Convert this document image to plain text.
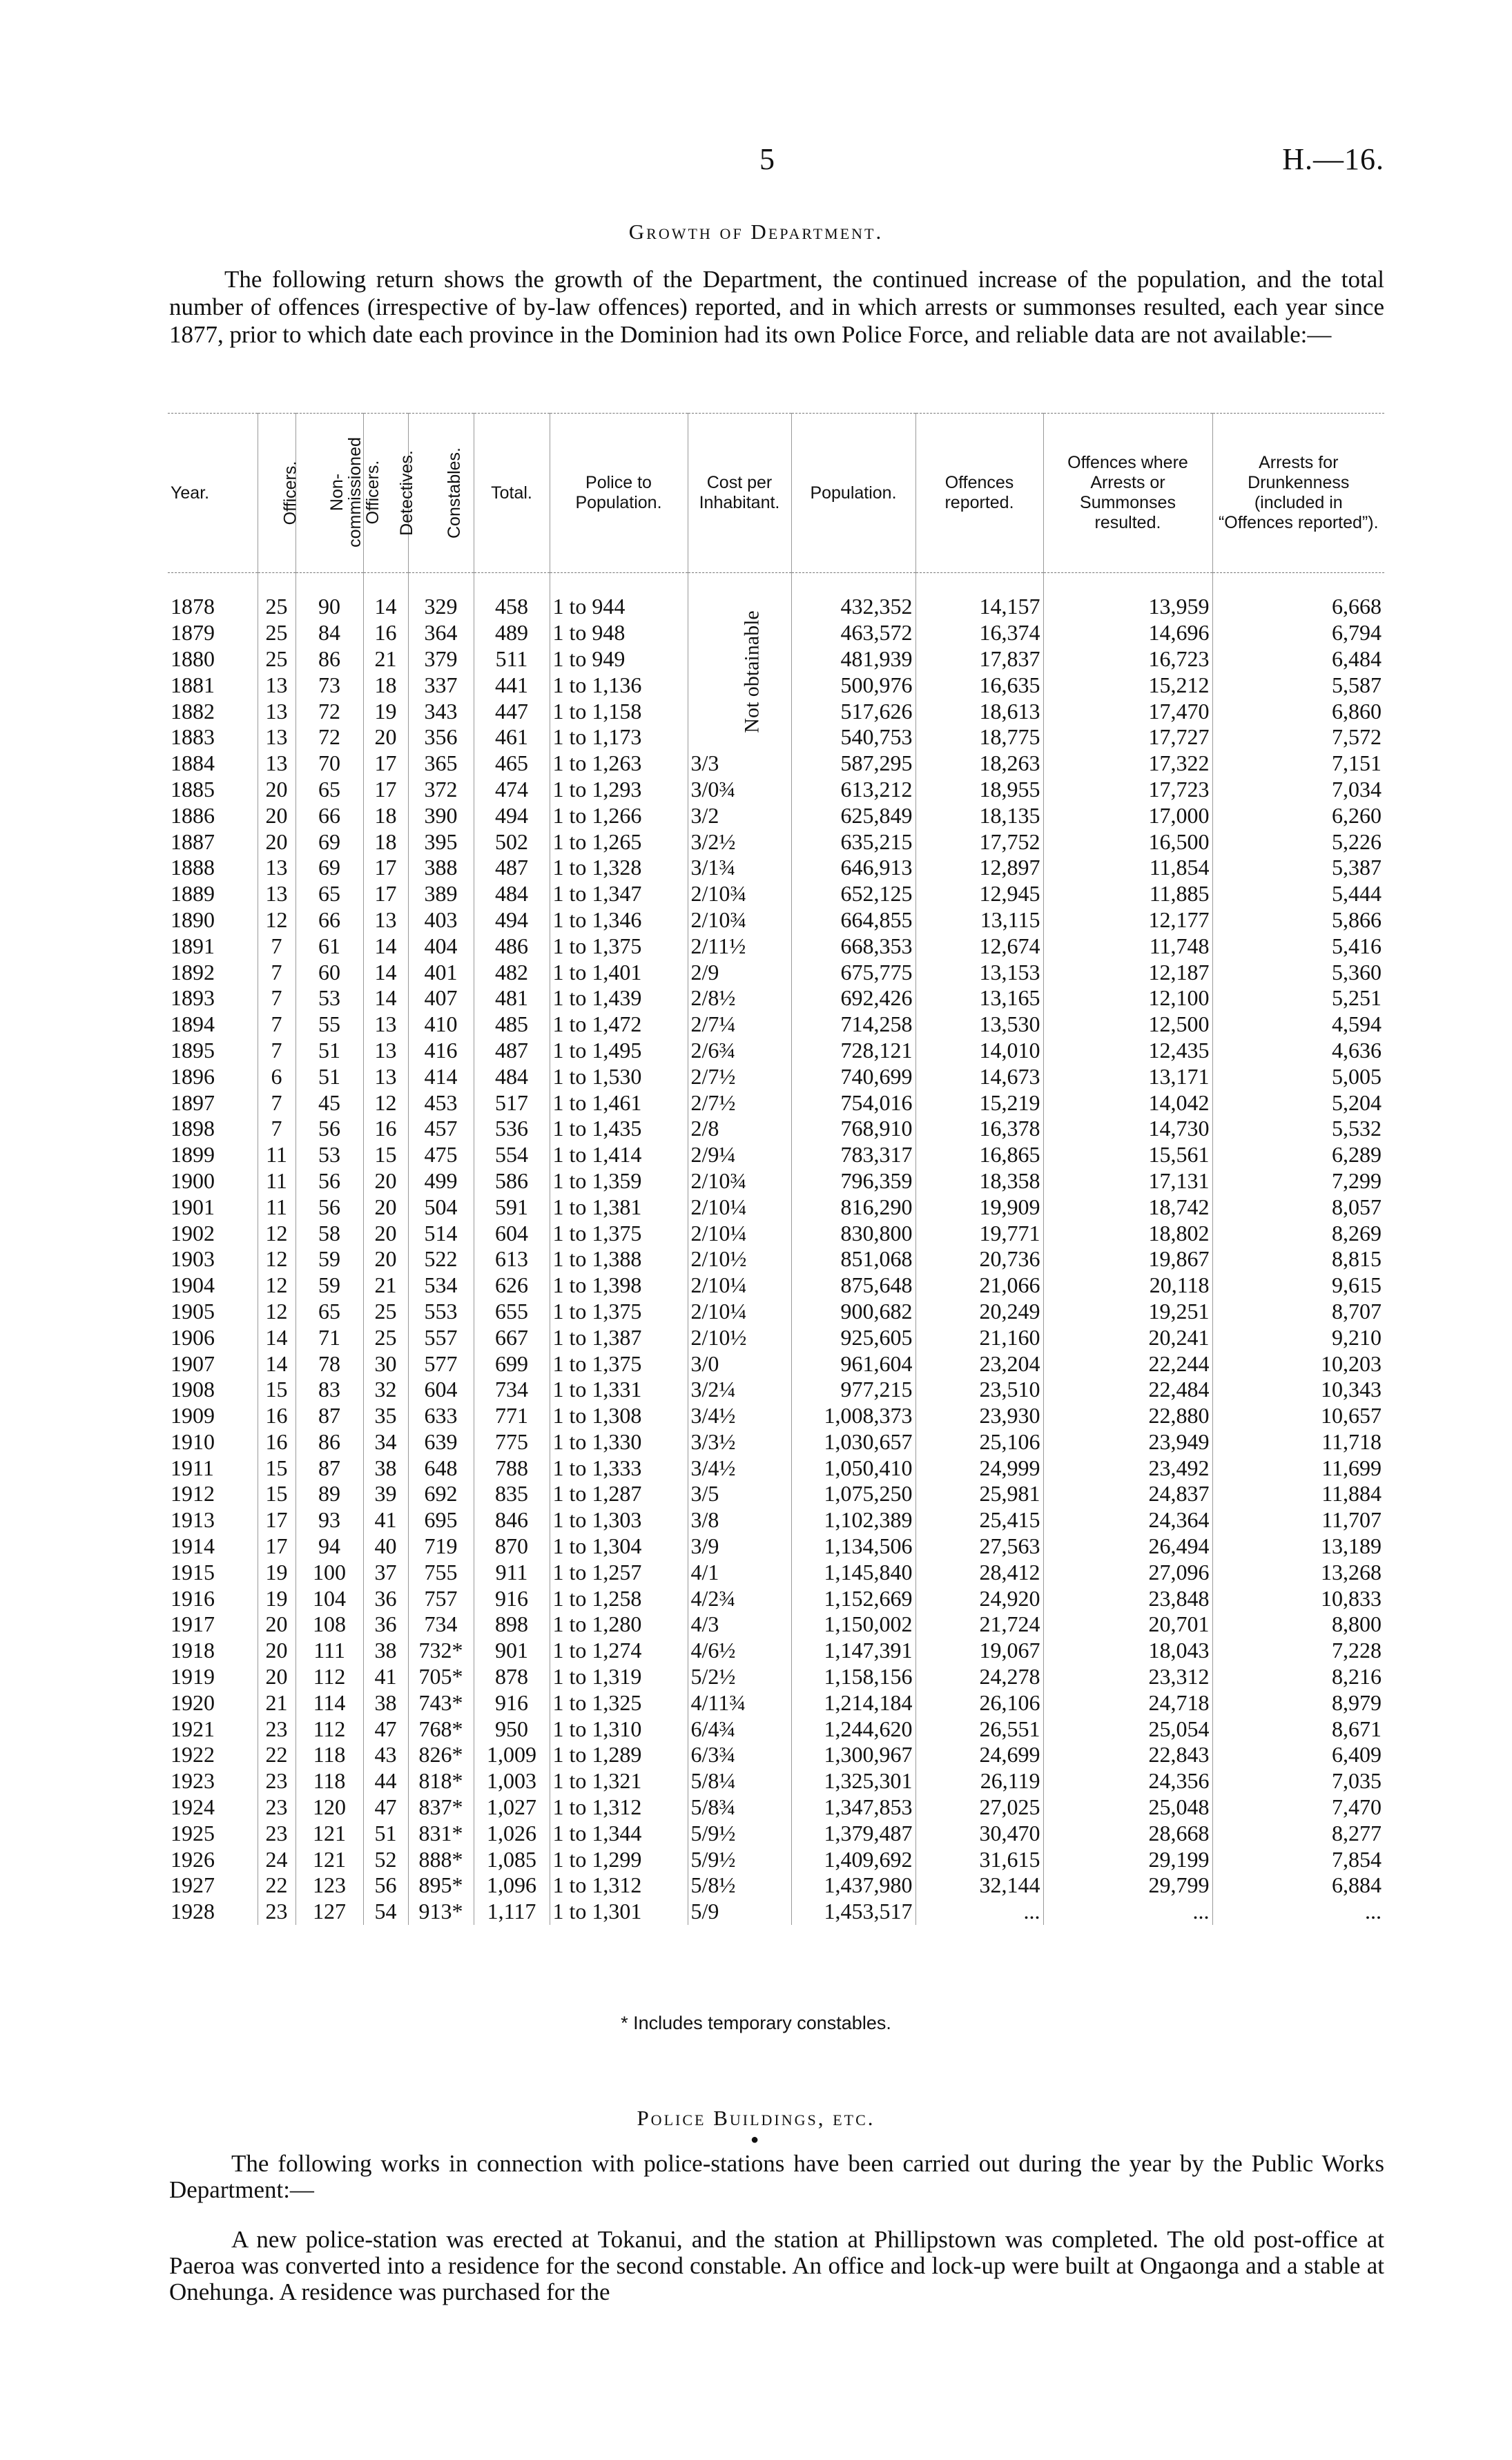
5	H.—16.
Growth of Department.

The following return shows the growth of the Department, the continued increase of the population, and the total number of offences (irrespective of by-law offences) reported, and in which arrests or summonses resulted, each year since 1877, prior to which date each province in the Dominion had its own Police Force, and reliable data are not available:—

Year.	Officers.	Non-commissioned Officers.	Detectives.	Constables.	Total.	Police to Population.	Cost per Inhabitant.	Population.	Offences reported.	Offences where Arrests or Summonses resulted.	Arrests for Drunkenness (included in “Offences reported”).
1878	25	90	14	329	458	1 to 944	Not obtainable	432,352	14,157	13,959	6,668
1879	25	84	16	364	489	1 to 948		463,572	16,374	14,696	6,794
1880	25	86	21	379	511	1 to 949		481,939	17,837	16,723	6,484
1881	13	73	18	337	441	1 to 1,136		500,976	16,635	15,212	5,587
1882	13	72	19	343	447	1 to 1,158		517,626	18,613	17,470	6,860
1883	13	72	20	356	461	1 to 1,173		540,753	18,775	17,727	7,572
1884	13	70	17	365	465	1 to 1,263	3/3	587,295	18,263	17,322	7,151
1885	20	65	17	372	474	1 to 1,293	3/0¾	613,212	18,955	17,723	7,034
1886	20	66	18	390	494	1 to 1,266	3/2	625,849	18,135	17,000	6,260
1887	20	69	18	395	502	1 to 1,265	3/2½	635,215	17,752	16,500	5,226
1888	13	69	17	388	487	1 to 1,328	3/1¾	646,913	12,897	11,854	5,387
1889	13	65	17	389	484	1 to 1,347	2/10¾	652,125	12,945	11,885	5,444
1890	12	66	13	403	494	1 to 1,346	2/10¾	664,855	13,115	12,177	5,866
1891	7	61	14	404	486	1 to 1,375	2/11½	668,353	12,674	11,748	5,416
1892	7	60	14	401	482	1 to 1,401	2/9	675,775	13,153	12,187	5,360
1893	7	53	14	407	481	1 to 1,439	2/8½	692,426	13,165	12,100	5,251
1894	7	55	13	410	485	1 to 1,472	2/7¼	714,258	13,530	12,500	4,594
1895	7	51	13	416	487	1 to 1,495	2/6¾	728,121	14,010	12,435	4,636
1896	6	51	13	414	484	1 to 1,530	2/7½	740,699	14,673	13,171	5,005
1897	7	45	12	453	517	1 to 1,461	2/7½	754,016	15,219	14,042	5,204
1898	7	56	16	457	536	1 to 1,435	2/8	768,910	16,378	14,730	5,532
1899	11	53	15	475	554	1 to 1,414	2/9¼	783,317	16,865	15,561	6,289
1900	11	56	20	499	586	1 to 1,359	2/10¾	796,359	18,358	17,131	7,299
1901	11	56	20	504	591	1 to 1,381	2/10¼	816,290	19,909	18,742	8,057
1902	12	58	20	514	604	1 to 1,375	2/10¼	830,800	19,771	18,802	8,269
1903	12	59	20	522	613	1 to 1,388	2/10½	851,068	20,736	19,867	8,815
1904	12	59	21	534	626	1 to 1,398	2/10¼	875,648	21,066	20,118	9,615
1905	12	65	25	553	655	1 to 1,375	2/10¼	900,682	20,249	19,251	8,707
1906	14	71	25	557	667	1 to 1,387	2/10½	925,605	21,160	20,241	9,210
1907	14	78	30	577	699	1 to 1,375	3/0	961,604	23,204	22,244	10,203
1908	15	83	32	604	734	1 to 1,331	3/2¼	977,215	23,510	22,484	10,343
1909	16	87	35	633	771	1 to 1,308	3/4½	1,008,373	23,930	22,880	10,657
1910	16	86	34	639	775	1 to 1,330	3/3½	1,030,657	25,106	23,949	11,718
1911	15	87	38	648	788	1 to 1,333	3/4½	1,050,410	24,999	23,492	11,699
1912	15	89	39	692	835	1 to 1,287	3/5	1,075,250	25,981	24,837	11,884
1913	17	93	41	695	846	1 to 1,303	3/8	1,102,389	25,415	24,364	11,707
1914	17	94	40	719	870	1 to 1,304	3/9	1,134,506	27,563	26,494	13,189
1915	19	100	37	755	911	1 to 1,257	4/1	1,145,840	28,412	27,096	13,268
1916	19	104	36	757	916	1 to 1,258	4/2¾	1,152,669	24,920	23,848	10,833
1917	20	108	36	734	898	1 to 1,280	4/3	1,150,002	21,724	20,701	8,800
1918	20	111	38	732*	901	1 to 1,274	4/6½	1,147,391	19,067	18,043	7,228
1919	20	112	41	705*	878	1 to 1,319	5/2½	1,158,156	24,278	23,312	8,216
1920	21	114	38	743*	916	1 to 1,325	4/11¾	1,214,184	26,106	24,718	8,979
1921	23	112	47	768*	950	1 to 1,310	6/4¾	1,244,620	26,551	25,054	8,671
1922	22	118	43	826*	1,009	1 to 1,289	6/3¾	1,300,967	24,699	22,843	6,409
1923	23	118	44	818*	1,003	1 to 1,321	5/8¼	1,325,301	26,119	24,356	7,035
1924	23	120	47	837*	1,027	1 to 1,312	5/8¾	1,347,853	27,025	25,048	7,470
1925	23	121	51	831*	1,026	1 to 1,344	5/9½	1,379,487	30,470	28,668	8,277
1926	24	121	52	888*	1,085	1 to 1,299	5/9½	1,409,692	31,615	29,199	7,854
1927	22	123	56	895*	1,096	1 to 1,312	5/8½	1,437,980	32,144	29,799	6,884
1928	23	127	54	913*	1,117	1 to 1,301	5/9	1,453,517	...	...	...
* Includes temporary constables.
Police Buildings, etc.
●

The following works in connection with police-stations have been carried out during the year by the Public Works Department:—

A new police-station was erected at Tokanui, and the station at Phillipstown was completed. The old post-office at Paeroa was converted into a residence for the second constable. An office and lock-up were built at Ongaonga and a stable at Onehunga. A residence was purchased for the
